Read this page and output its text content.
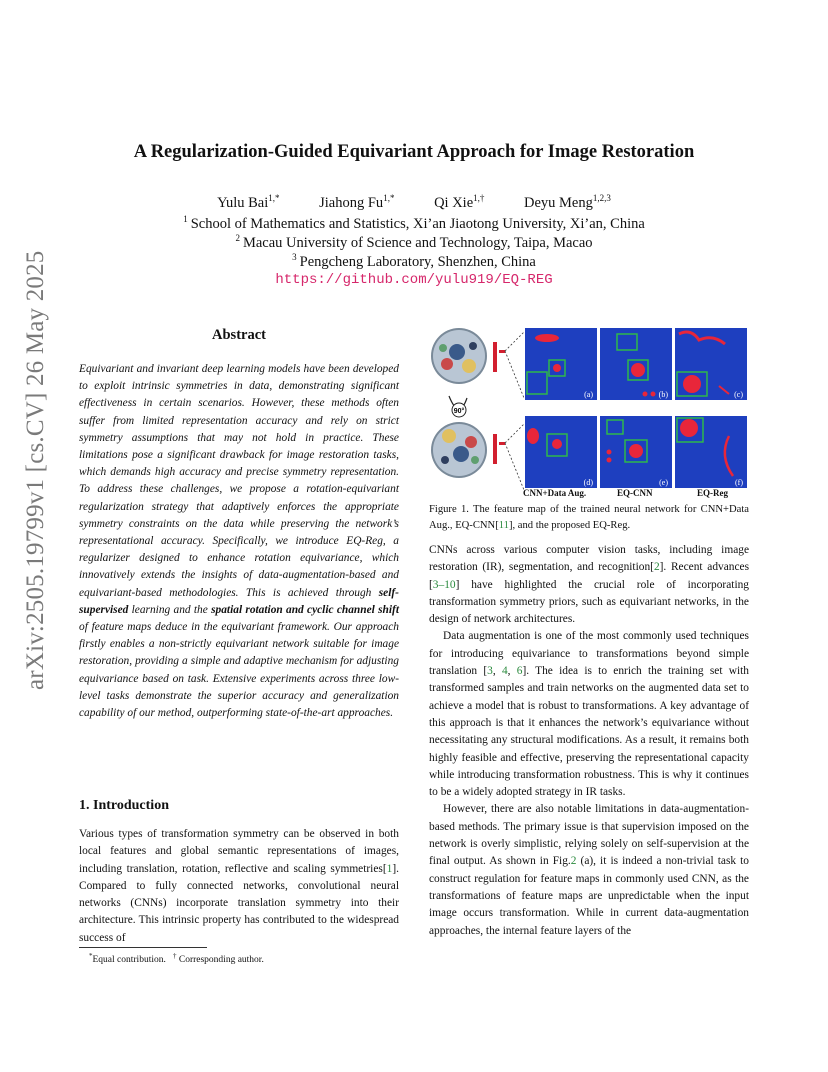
arXiv:2505.19799v1 [cs.CV] 26 May 2025
A Regularization-Guided Equivariant Approach for Image Restoration
Yulu Bai$^{1,*}$	Jiahong $Fu^{1,*}$	Qi Xie$^{1,\dagger}$	Deyu Meng$^{1,2,3}$
$^1$ School of Mathematics and Statistics, Xi’an Jiaotong University, Xi’an, China
$^2$ Macau University of Science and Technology, Taipa, Macao
$^3$ Pengcheng Laboratory, Shenzhen, China
https://github.com/yulu919/EQ-REG
Abstract
Equivariant and invariant deep learning models have been developed to exploit intrinsic symmetries in data, demonstrating significant effectiveness in certain scenarios. However, these methods often suffer from limited representation accuracy and rely on strict symmetry assumptions that may not hold in practice. These limitations pose a significant drawback for image restoration tasks, which demands high accuracy and precise symmetry representation. To address these challenges, we propose a rotation-equivariant regularization strategy that adaptively enforces the appropriate symmetry constraints on the data while preserving the network’s representational accuracy. Specifically, we introduce EQ-Reg, a regularizer designed to enhance rotation equivariance, which innovatively extends the insights of data-augmentation-based and equivariant-based methodologies. This is achieved through self-supervised learning and the spatial rotation and cyclic channel shift of feature maps deduce in the equivariant framework. Our approach firstly enables a non-strictly equivariant network suitable for image restoration, providing a simple and adaptive mechanism for adjusting equivariance based on task. Extensive experiments across three low-level tasks demonstrate the superior accuracy and generalization capability of our method, outperforming state-of-the-art approaches.
1. Introduction
Various types of transformation symmetry can be observed in both local features and global semantic representations of images, including translation, rotation, reflective and scaling symmetries[1]. Compared to fully connected networks, convolutional neural networks (CNNs) incorporate translation symmetry into their architecture. This intrinsic property has contributed to the widespread success of
*Equal contribution. † Corresponding author.
90°
(a)	(b)	(c)
(d)	(e)	(f)
CNN+Data Aug.	EQ-CNN	EQ-Reg
Figure 1. The feature map of the trained neural network for CNN+Data Aug., EQ-CNN[11], and the proposed EQ-Reg.

CNNs across various computer vision tasks, including image restoration (IR), segmentation, and recognition[2]. Recent advances [3–10] have highlighted the crucial role of incorporating transformation symmetry priors, such as equivariant networks, in the design of network architectures.

Data augmentation is one of the most commonly used techniques for introducing equivariance to transformations beyond simple translation [3, 4, 6]. The idea is to enrich the training set with transformed samples and train networks on the augmented data set to achieve a model that is robust to transformations. A key advantage of this approach is that it enhances the network’s equivariance without necessitating any structural modifications. As a result, it remains both highly feasible and effective, preserving the representational capacity while introducing transformation robustness. This is why it continues to be a widely adopted strategy in IR tasks.

However, there are also notable limitations in data-augmentation-based methods. The primary issue is that supervision imposed on the network is overly simplistic, relying solely on self-supervision at the final output. As shown in Fig.2 (a), it is indeed a non-trivial task to construct regulation for feature maps in commonly used CNN, as the transformations of feature maps are unpredictable when the input image occurs transformation. While in current data-augmentation approaches, the internal feature layers of the
